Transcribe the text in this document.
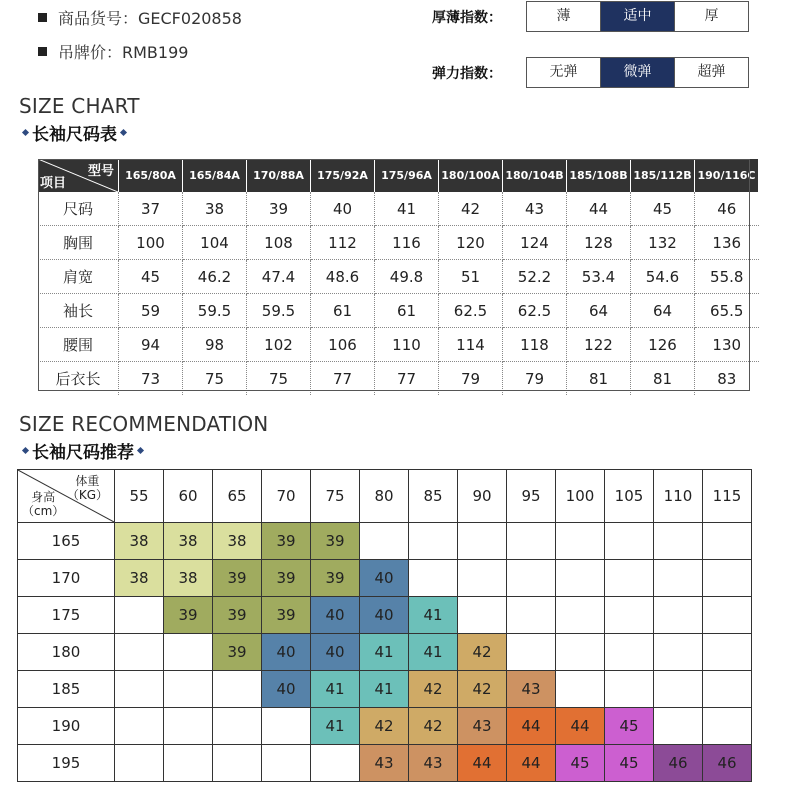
商品货号：GECF020858
吊牌价：RMB199
厚薄指数：	薄	适中	厚
弹力指数：	无弹	微弹	超弹
SIZE CHART
长袖尺码表
型号
项目	165/80A	165/84A	170/88A	175/92A	175/96A	180/100A	180/104B	185/108B	185/112B	190/116C
尺码	37	38	39	40	41	42	43	44	45	46
胸围	100	104	108	112	116	120	124	128	132	136
肩宽	45	46.2	47.4	48.6	49.8	51	52.2	53.4	54.6	55.8
袖长	59	59.5	59.5	61	61	62.5	62.5	64	64	65.5
腰围	94	98	102	106	110	114	118	122	126	130
后衣长	73	75	75	77	77	79	79	81	81	83
SIZE RECOMMENDATION
长袖尺码推荐
体重
（KG）
身高
（cm）	55	60	65	70	75	80	85	90	95	100	105	110	115
165	38	38	38	39	39								
170	38	38	39	39	39	40							
175		39	39	39	40	40	41						
180			39	40	40	41	41	42					
185				40	41	41	42	42	43				
190					41	42	42	43	44	44	45		
195						43	43	44	44	45	45	46	46
